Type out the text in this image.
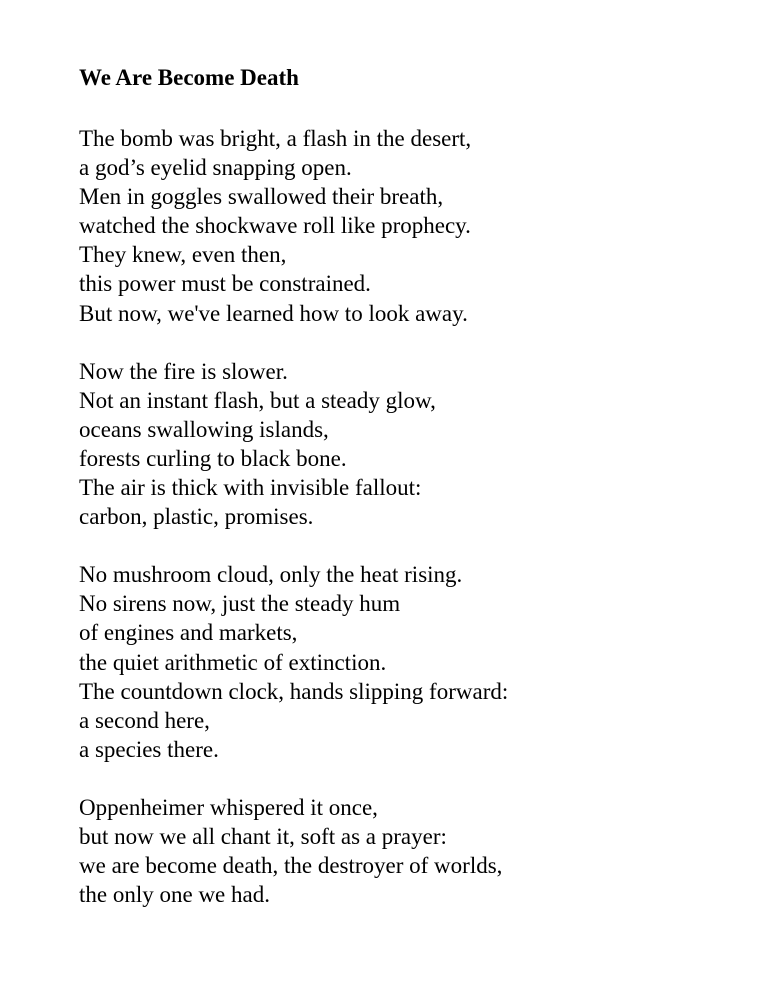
We Are Become Death
The bomb was bright, a flash in the desert,
a god’s eyelid snapping open.
Men in goggles swallowed their breath,
watched the shockwave roll like prophecy.
They knew, even then,
this power must be constrained.
But now, we've learned how to look away.
Now the fire is slower.
Not an instant flash, but a steady glow,
oceans swallowing islands,
forests curling to black bone.
The air is thick with invisible fallout:
carbon, plastic, promises.
No mushroom cloud, only the heat rising.
No sirens now, just the steady hum
of engines and markets,
the quiet arithmetic of extinction.
The countdown clock, hands slipping forward:
a second here,
a species there.
Oppenheimer whispered it once,
but now we all chant it, soft as a prayer:
we are become death, the destroyer of worlds,
the only one we had.
